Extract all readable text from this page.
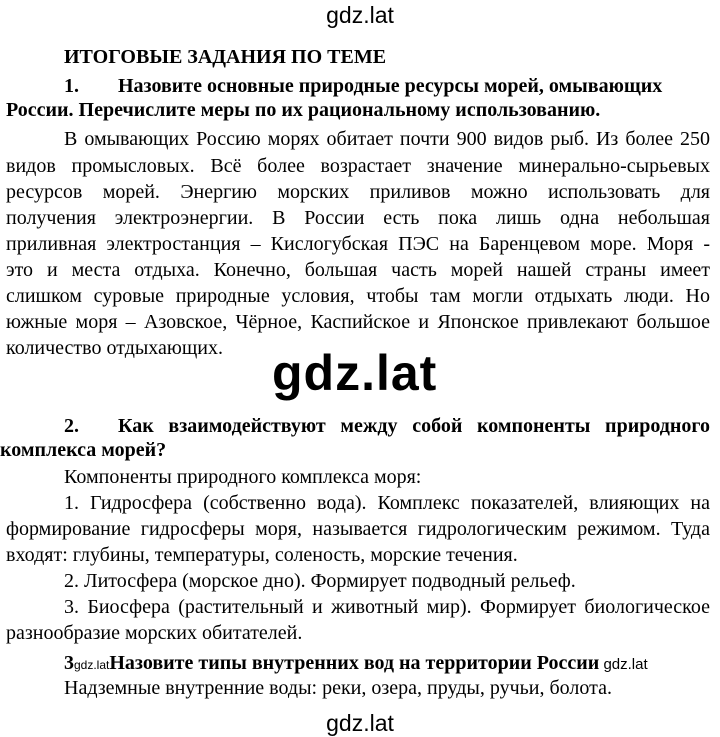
gdz.lat
ИТОГОВЫЕ ЗАДАНИЯ ПО ТЕМЕ
1. Назовите основные природные ресурсы морей, омывающих
России. Перечислите меры по их рациональному использованию.
В омывающих Россию морях обитает почти 900 видов рыб. Из более 250
видов промысловых. Всё более возрастает значение минерально-сырьевых
ресурсов морей. Энергию морских приливов можно использовать для
получения электроэнергии. В России есть пока лишь одна небольшая
приливная электростанция – Кислогубская ПЭС на Баренцевом море. Моря -
это и места отдыха. Конечно, большая часть морей нашей страны имеет
слишком суровые природные условия, чтобы там могли отдыхать люди. Но
южные моря – Азовское, Чёрное, Каспийское и Японское привлекают большое
количество отдыхающих. gdz.lat
2. Как взаимодействуют между собой компоненты природного
комплекса морей?
Компоненты природного комплекса моря:
1. Гидросфера (собственно вода). Комплекс показателей, влияющих на
формирование гидросферы моря, называется гидрологическим режимом. Туда
входят: глубины, температуры, соленость, морские течения.
2. Литосфера (морское дно). Формирует подводный рельеф.
3. Биосфера (растительный и животный мир). Формирует биологическое
разнообразие морских обитателей.
3gdz.latНазовите типы внутренних вод на территории России gdz.lat
Надземные внутренние воды: реки, озера, пруды, ручьи, болота.
gdz.lat
